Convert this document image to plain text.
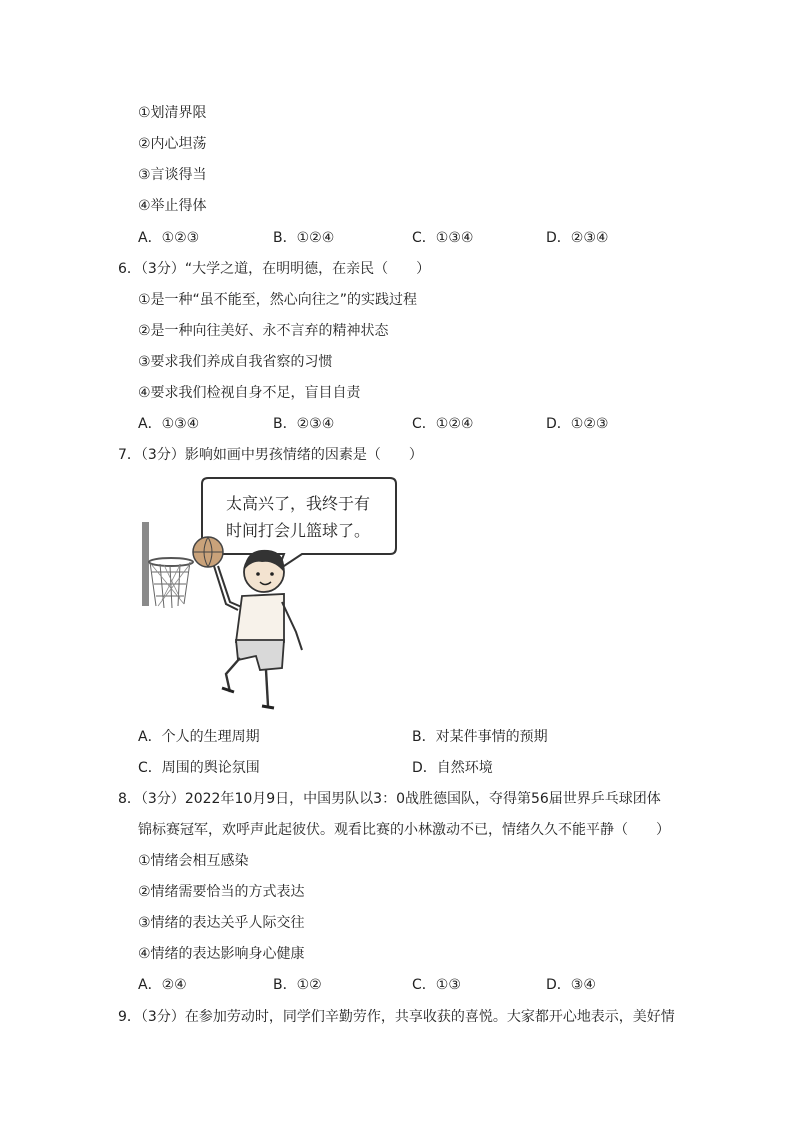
①划清界限
②内心坦荡
③言谈得当
④举止得体
A．①②③	B．①②④	C．①③④	D．②③④
6．（3分）“大学之道，在明明德，在亲民（　　）
①是一种“虽不能至，然心向往之”的实践过程
②是一种向往美好、永不言弃的精神状态
③要求我们养成自我省察的习惯
④要求我们检视自身不足，盲目自责
A．①③④	B．②③④	C．①②④	D．①②③
7．（3分）影响如画中男孩情绪的因素是（　　）
太高兴了，我终于有
时间打会儿篮球了。
A．个人的生理周期	B．对某件事情的预期
C．周围的舆论氛围	D．自然环境
8．（3分）2022年10月9日，中国男队以3：0战胜德国队，夺得第56届世界乒乓球团体
锦标赛冠军，欢呼声此起彼伏。观看比赛的小林激动不已，情绪久久不能平静（　　）
①情绪会相互感染
②情绪需要恰当的方式表达
③情绪的表达关乎人际交往
④情绪的表达影响身心健康
A．②④	B．①②	C．①③	D．③④
9．（3分）在参加劳动时，同学们辛勤劳作，共享收获的喜悦。大家都开心地表示，美好情
